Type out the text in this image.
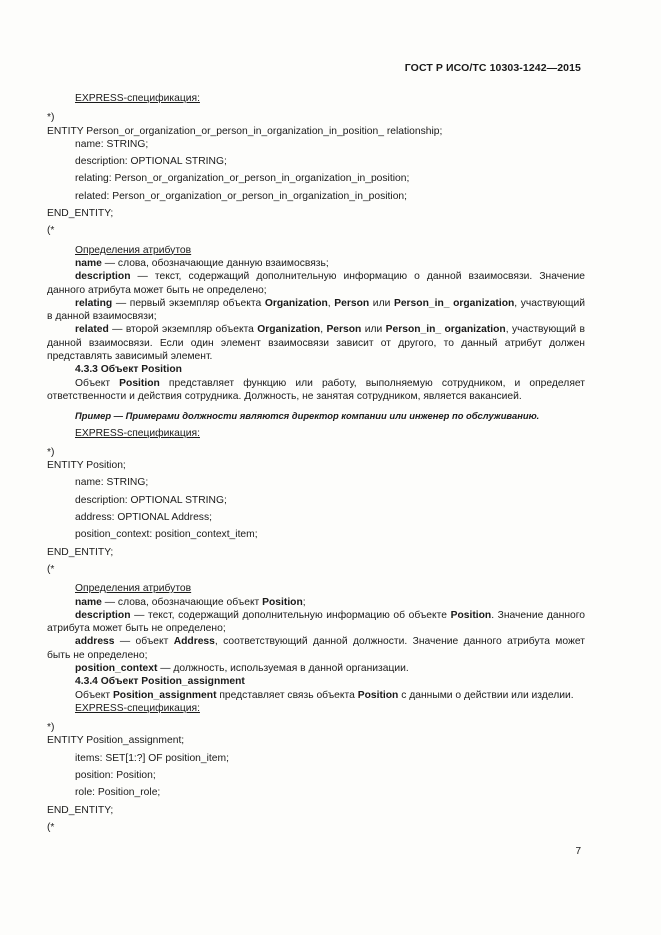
ГОСТ Р ИСО/ТС 10303-1242—2015
EXPRESS-спецификация:
*)
ENTITY Person_or_organization_or_person_in_organization_in_position_ relationship;
name: STRING;
description: OPTIONAL STRING;
relating: Person_or_organization_or_person_in_organization_in_position;
related: Person_or_organization_or_person_in_organization_in_position;
END_ENTITY;
(*
Определения атрибутов
name — слова, обозначающие данную взаимосвязь;
description — текст, содержащий дополнительную информацию о данной взаимосвязи. Значение данного атрибута может быть не определено;
relating — первый экземпляр объекта Organization, Person или Person_in_ organization, участвующий в данной взаимосвязи;
related — второй экземпляр объекта Organization, Person или Person_in_ organization, участвующий в данной взаимосвязи. Если один элемент взаимосвязи зависит от другого, то данный атрибут должен представлять зависимый элемент.
4.3.3 Объект Position
Объект Position представляет функцию или работу, выполняемую сотрудником, и определяет ответственности и действия сотрудника. Должность, не занятая сотрудником, является вакансией.
Пример — Примерами должности являются директор компании или инженер по обслуживанию.
EXPRESS-спецификация:
*)
ENTITY Position;
name: STRING;
description: OPTIONAL STRING;
address: OPTIONAL Address;
position_context: position_context_item;
END_ENTITY;
(*
Определения атрибутов
name — слова, обозначающие объект Position;
description — текст, содержащий дополнительную информацию об объекте Position. Значение данного атрибута может быть не определено;
address — объект Address, соответствующий данной должности. Значение данного атрибута может быть не определено;
position_context — должность, используемая в данной организации.
4.3.4 Объект Position_assignment
Объект Position_assignment представляет связь объекта Position с данными о действии или изделии.
EXPRESS-спецификация:
*)
ENTITY Position_assignment;
items: SET[1:?] OF position_item;
position: Position;
role: Position_role;
END_ENTITY;
(*
7
